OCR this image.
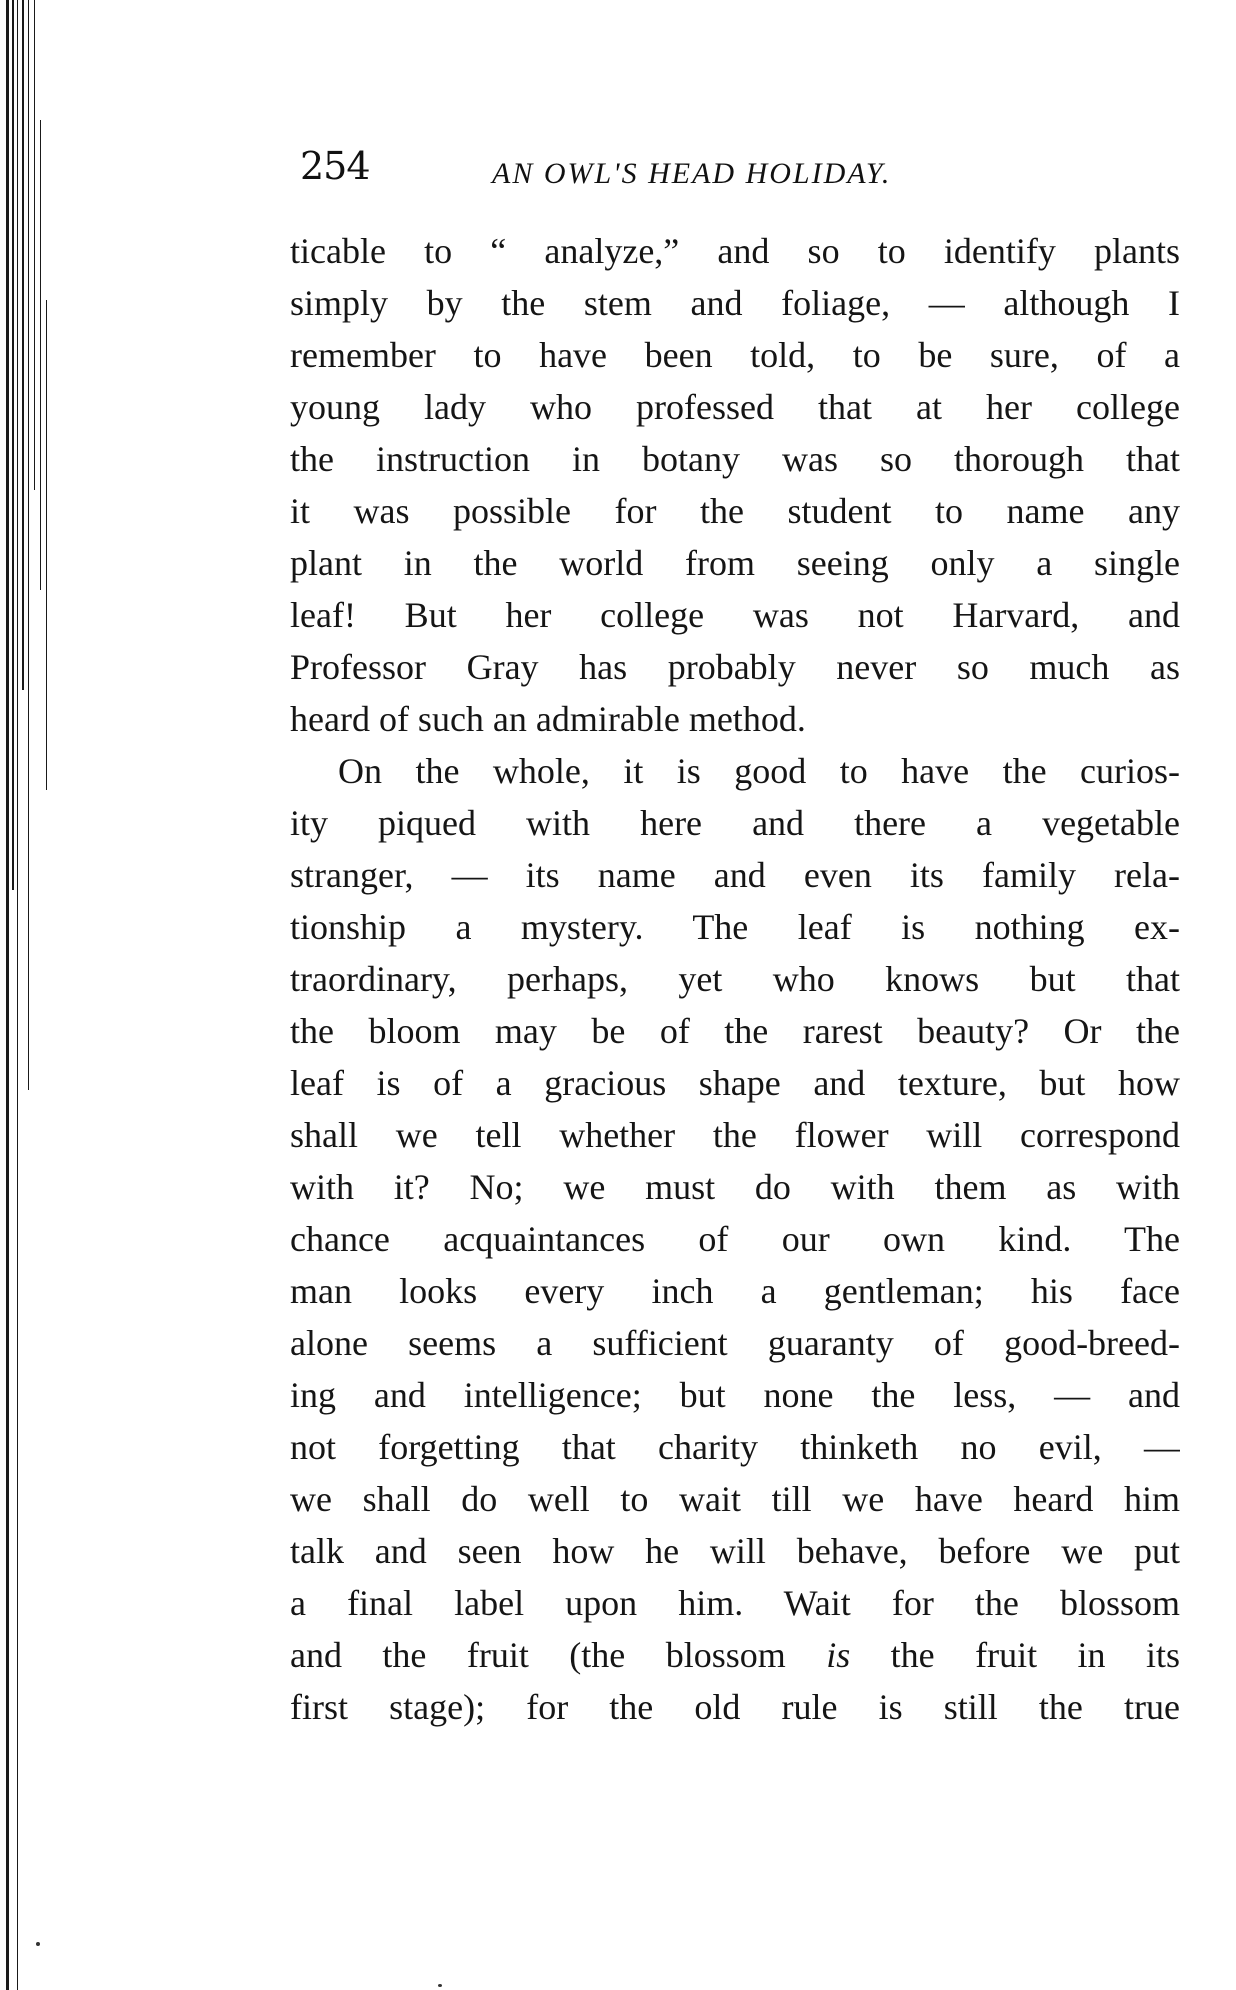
254	AN OWL'S HEAD HOLIDAY.
ticable to “ analyze,” and so to identify plants
simply by the stem and foliage, — although I
remember to have been told, to be sure, of a
young lady who professed that at her college
the instruction in botany was so thorough that
it was possible for the student to name any
plant in the world from seeing only a single
leaf! But her college was not Harvard, and
Professor Gray has probably never so much as
heard of such an admirable method.
On the whole, it is good to have the curios-
ity piqued with here and there a vegetable
stranger, — its name and even its family rela-
tionship a mystery. The leaf is nothing ex-
traordinary, perhaps, yet who knows but that
the bloom may be of the rarest beauty? Or the
leaf is of a gracious shape and texture, but how
shall we tell whether the flower will correspond
with it? No; we must do with them as with
chance acquaintances of our own kind. The
man looks every inch a gentleman; his face
alone seems a sufficient guaranty of good-breed-
ing and intelligence; but none the less, — and
not forgetting that charity thinketh no evil, —
we shall do well to wait till we have heard him
talk and seen how he will behave, before we put
a final label upon him. Wait for the blossom
and the fruit (the blossom is the fruit in its
first stage); for the old rule is still the true
